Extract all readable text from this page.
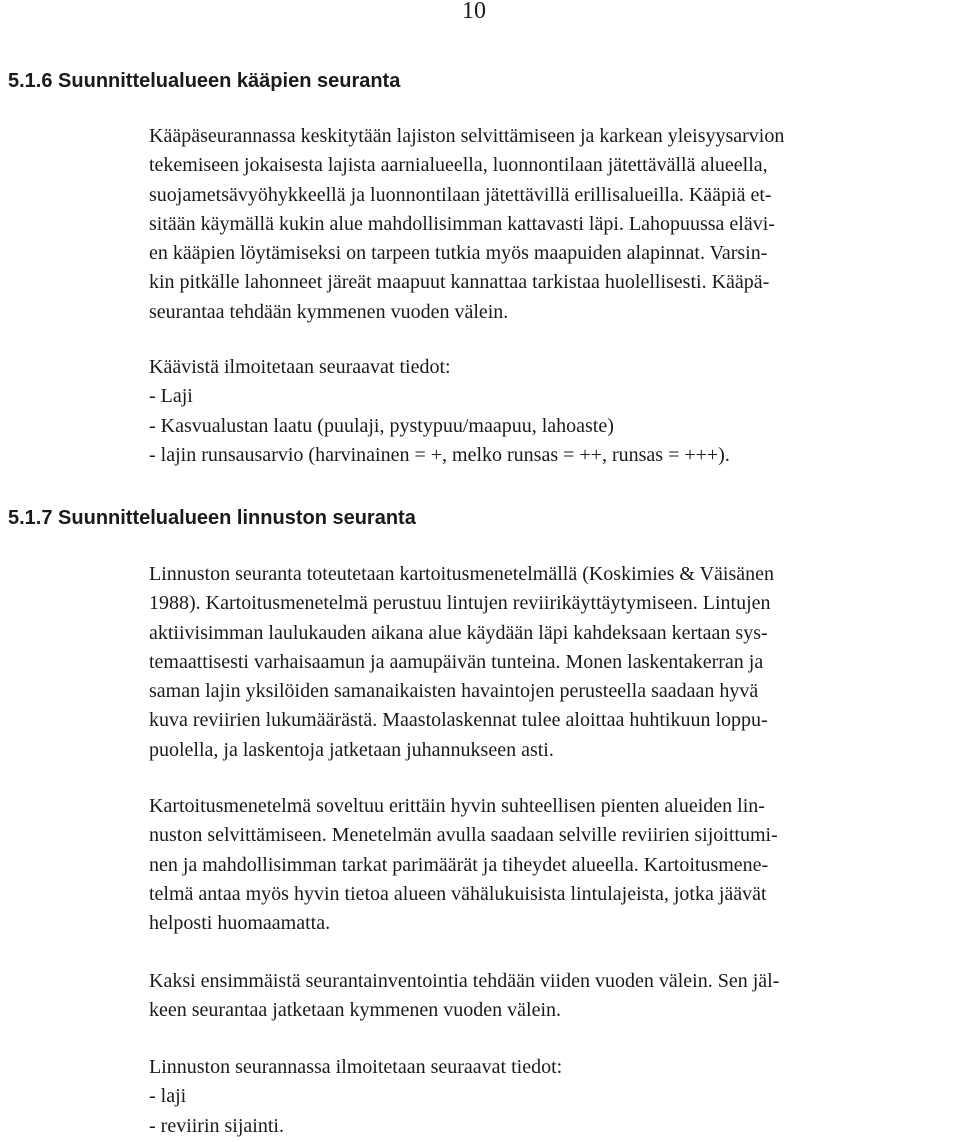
10
5.1.6 Suunnittelualueen kääpien seuranta
Kääpäseurannassa keskitytään lajiston selvittämiseen ja karkean yleisyysarvion
tekemiseen jokaisesta lajista aarnialueella, luonnontilaan jätettävällä alueella,
suojametsävyöhykkeellä ja luonnontilaan jätettävillä erillisalueilla. Kääpiä et-
sitään käymällä kukin alue mahdollisimman kattavasti läpi. Lahopuussa elävi-
en kääpien löytämiseksi on tarpeen tutkia myös maapuiden alapinnat. Varsin-
kin pitkälle lahonneet järeät maapuut kannattaa tarkistaa huolellisesti. Kääpä-
seurantaa tehdään kymmenen vuoden välein.
Käävistä ilmoitetaan seuraavat tiedot:
- Laji
- Kasvualustan laatu (puulaji, pystypuu/maapuu, lahoaste)
- lajin runsausarvio (harvinainen = +, melko runsas = ++, runsas = +++).
5.1.7 Suunnittelualueen linnuston seuranta
Linnuston seuranta toteutetaan kartoitusmenetelmällä (Koskimies & Väisänen
1988). Kartoitusmenetelmä perustuu lintujen reviirikäyttäytymiseen. Lintujen
aktiivisimman laulukauden aikana alue käydään läpi kahdeksaan kertaan sys-
temaattisesti varhaisaamun ja aamupäivän tunteina. Monen laskentakerran ja
saman lajin yksilöiden samanaikaisten havaintojen perusteella saadaan hyvä
kuva reviirien lukumäärästä. Maastolaskennat tulee aloittaa huhtikuun loppu-
puolella, ja laskentoja jatketaan juhannukseen asti.
Kartoitusmenetelmä soveltuu erittäin hyvin suhteellisen pienten alueiden lin-
nuston selvittämiseen. Menetelmän avulla saadaan selville reviirien sijoittumi-
nen ja mahdollisimman tarkat parimäärät ja tiheydet alueella. Kartoitusmene-
telmä antaa myös hyvin tietoa alueen vähälukuisista lintulajeista, jotka jäävät
helposti huomaamatta.
Kaksi ensimmäistä seurantainventointia tehdään viiden vuoden välein. Sen jäl-
keen seurantaa jatketaan kymmenen vuoden välein.
Linnuston seurannassa ilmoitetaan seuraavat tiedot:
- laji
- reviirin sijainti.
